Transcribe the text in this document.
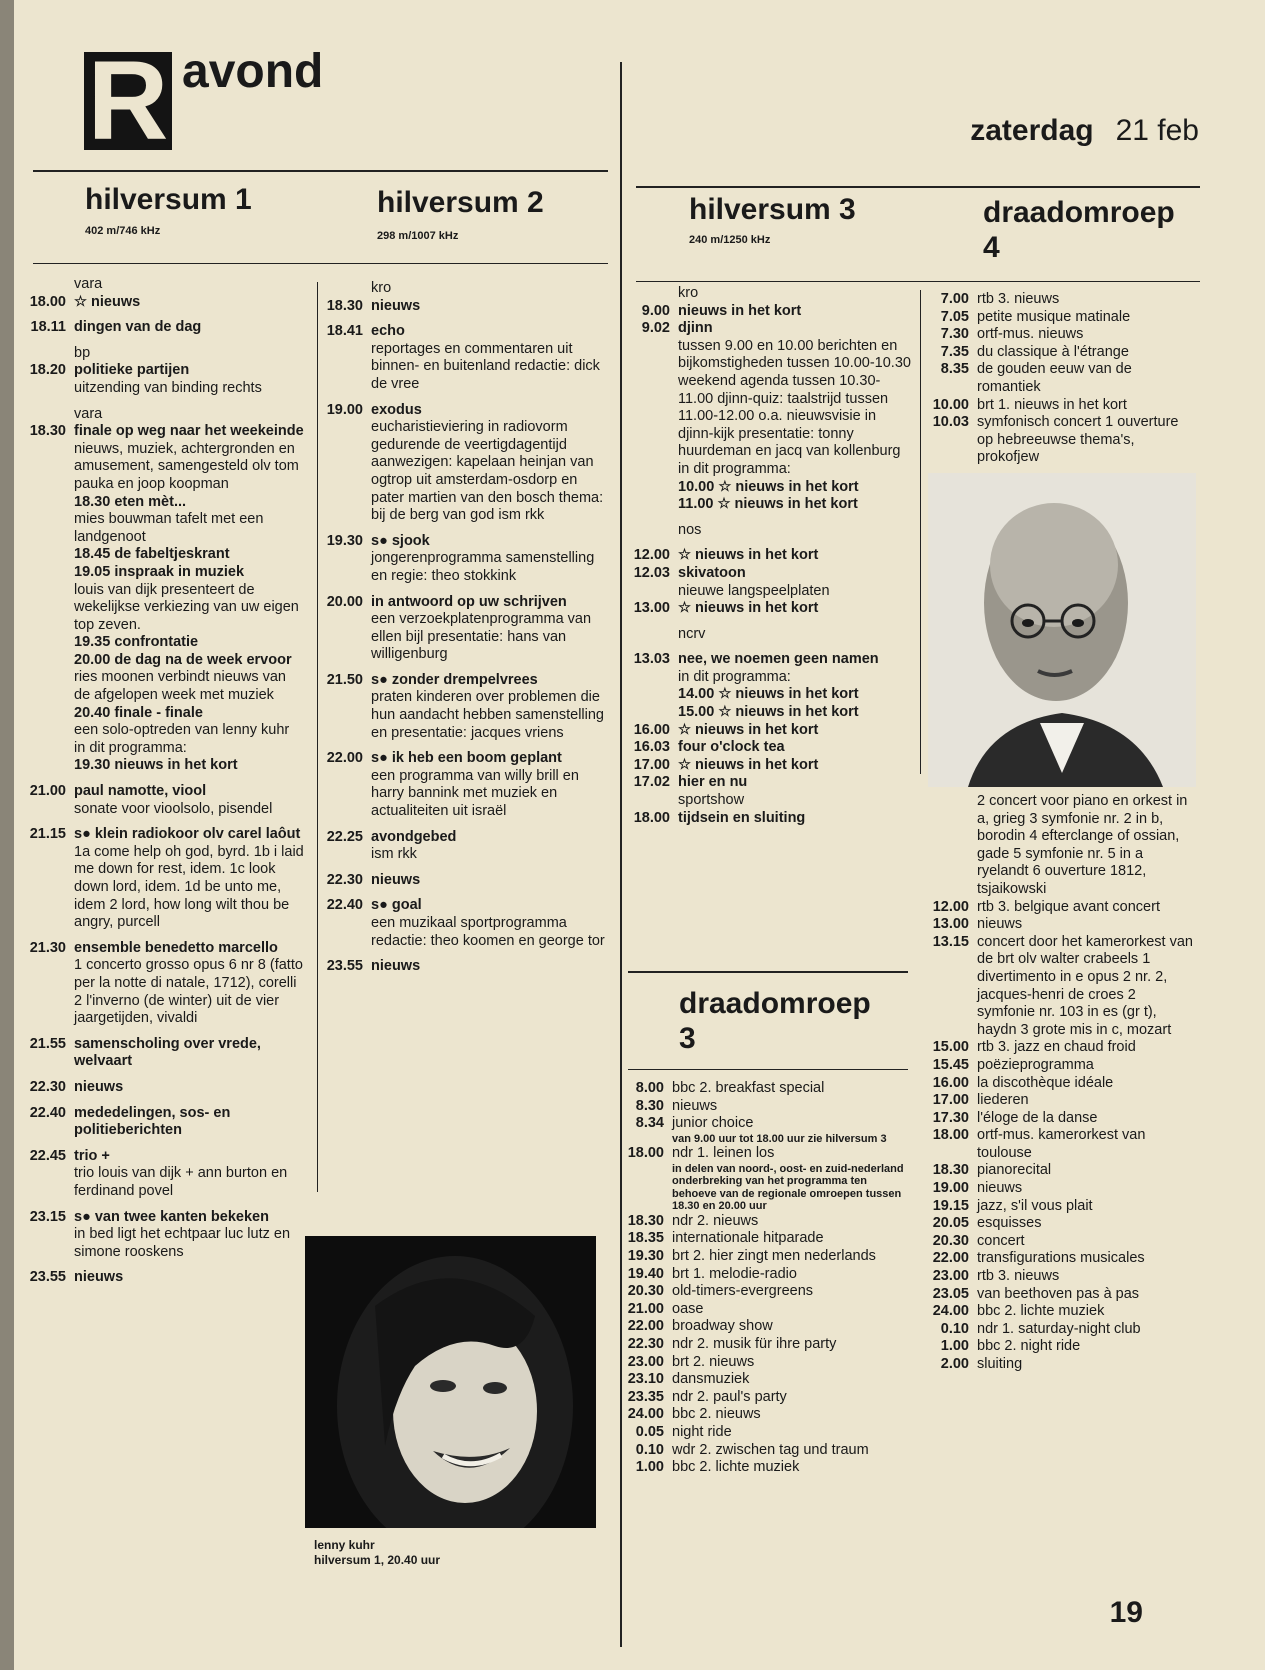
R avond
zaterdag 21 feb
hilversum 1
402 m/746 kHz
hilversum 2
298 m/1007 kHz
hilversum 3
240 m/1250 kHz
draadomroep
4
draadomroep
3
vara
18.00 ☆ nieuws
18.11 dingen van de dag
bp
18.20 politieke partijen
uitzending van binding rechts
vara
18.30 finale op weg naar het weekeinde
nieuws, muziek, achtergronden en amusement, samengesteld olv tom pauka en joop koopman
18.30 eten mèt...
mies bouwman tafelt met een landgenoot
18.45 de fabeltjeskrant
19.05 inspraak in muziek
louis van dijk presenteert de wekelijkse verkiezing van uw eigen top zeven.
19.35 confrontatie
20.00 de dag na de week ervoor
ries moonen verbindt nieuws van de afgelopen week met muziek
20.40 finale - finale
een solo-optreden van lenny kuhr in dit programma:
19.30 nieuws in het kort
21.00 paul namotte, viool
sonate voor vioolsolo, pisendel
21.15 s● klein radiokoor olv carel laôut
1a come help oh god, byrd. 1b i laid me down for rest, idem. 1c look down lord, idem. 1d be unto me, idem 2 lord, how long wilt thou be angry, purcell
21.30 ensemble benedetto marcello
1 concerto grosso opus 6 nr 8 (fatto per la notte di natale, 1712), corelli 2 l'inverno (de winter) uit de vier jaargetijden, vivaldi
21.55 samenscholing over vrede, welvaart
22.30 nieuws
22.40 mededelingen, sos- en politieberichten
22.45 trio +
trio louis van dijk + ann burton en ferdinand povel
23.15 s● van twee kanten bekeken
in bed ligt het echtpaar luc lutz en simone rooskens
23.55 nieuws
kro
18.30 nieuws
18.41 echo
reportages en commentaren uit binnen- en buitenland redactie: dick de vree
19.00 exodus
eucharistieviering in radiovorm gedurende de veertigdagentijd aanwezigen: kapelaan heinjan van ogtrop uit amsterdam-osdorp en pater martien van den bosch thema: bij de berg van god ism rkk
19.30 s● sjook
jongerenprogramma samenstelling en regie: theo stokkink
20.00 in antwoord op uw schrijven
een verzoekplatenprogramma van ellen bijl presentatie: hans van willigenburg
21.50 s● zonder drempelvrees
praten kinderen over problemen die hun aandacht hebben samenstelling en presentatie: jacques vriens
22.00 s● ik heb een boom geplant
een programma van willy brill en harry bannink met muziek en actualiteiten uit israël
22.25 avondgebed
ism rkk
22.30 nieuws
22.40 s● goal
een muzikaal sportprogramma redactie: theo koomen en george tor
23.55 nieuws
kro
9.00 nieuws in het kort
9.02 djinn
tussen 9.00 en 10.00 berichten en bijkomstigheden tussen 10.00-10.30 weekend agenda tussen 10.30-11.00 djinn-quiz: taalstrijd tussen 11.00-12.00 o.a. nieuwsvisie in djinn-kijk presentatie: tonny huurdeman en jacq van kollenburg in dit programma:
10.00 ☆ nieuws in het kort
11.00 ☆ nieuws in het kort
nos
12.00 ☆ nieuws in het kort
12.03 skivatoon
nieuwe langspeelplaten
13.00 ☆ nieuws in het kort
ncrv
13.03 nee, we noemen geen namen
in dit programma:
14.00 ☆ nieuws in het kort
15.00 ☆ nieuws in het kort
16.00 ☆ nieuws in het kort
16.03 four o'clock tea
17.00 ☆ nieuws in het kort
17.02 hier en nu
sportshow
18.00 tijdsein en sluiting
8.00 bbc 2. breakfast special
8.30 nieuws
8.34 junior choice
van 9.00 uur tot 18.00 uur zie hilversum 3
18.00 ndr 1. leinen los
in delen van noord-, oost- en zuid-nederland onderbreking van het programma ten behoeve van de regionale omroepen tussen 18.30 en 20.00 uur
18.30 ndr 2. nieuws
18.35 internationale hitparade
19.30 brt 2. hier zingt men nederlands
19.40 brt 1. melodie-radio
20.30 old-timers-evergreens
21.00 oase
22.00 broadway show
22.30 ndr 2. musik für ihre party
23.00 brt 2. nieuws
23.10 dansmuziek
23.35 ndr 2. paul's party
24.00 bbc 2. nieuws
0.05 night ride
0.10 wdr 2. zwischen tag und traum
1.00 bbc 2. lichte muziek
7.00 rtb 3. nieuws
7.05 petite musique matinale
7.30 ortf-mus. nieuws
7.35 du classique à l'étrange
8.35 de gouden eeuw van de romantiek
10.00 brt 1. nieuws in het kort
10.03 symfonisch concert 1 ouverture op hebreeuwse thema's, prokofjew
2 concert voor piano en orkest in a, grieg 3 symfonie nr. 2 in b, borodin 4 efterclange of ossian, gade 5 symfonie nr. 5 in a ryelandt 6 ouverture 1812, tsjaikowski
12.00 rtb 3. belgique avant concert
13.00 nieuws
13.15 concert door het kamerorkest van de brt olv walter crabeels 1 divertimento in e opus 2 nr. 2, jacques-henri de croes 2 symfonie nr. 103 in es (gr t), haydn 3 grote mis in c, mozart
15.00 rtb 3. jazz en chaud froid
15.45 poëzieprogramma
16.00 la discothèque idéale
17.00 liederen
17.30 l'éloge de la danse
18.00 ortf-mus. kamerorkest van toulouse
18.30 pianorecital
19.00 nieuws
19.15 jazz, s'il vous plait
20.05 esquisses
20.30 concert
22.00 transfigurations musicales
23.00 rtb 3. nieuws
23.05 van beethoven pas à pas
24.00 bbc 2. lichte muziek
0.10 ndr 1. saturday-night club
1.00 bbc 2. night ride
2.00 sluiting
lenny kuhr
hilversum 1, 20.40 uur
19
